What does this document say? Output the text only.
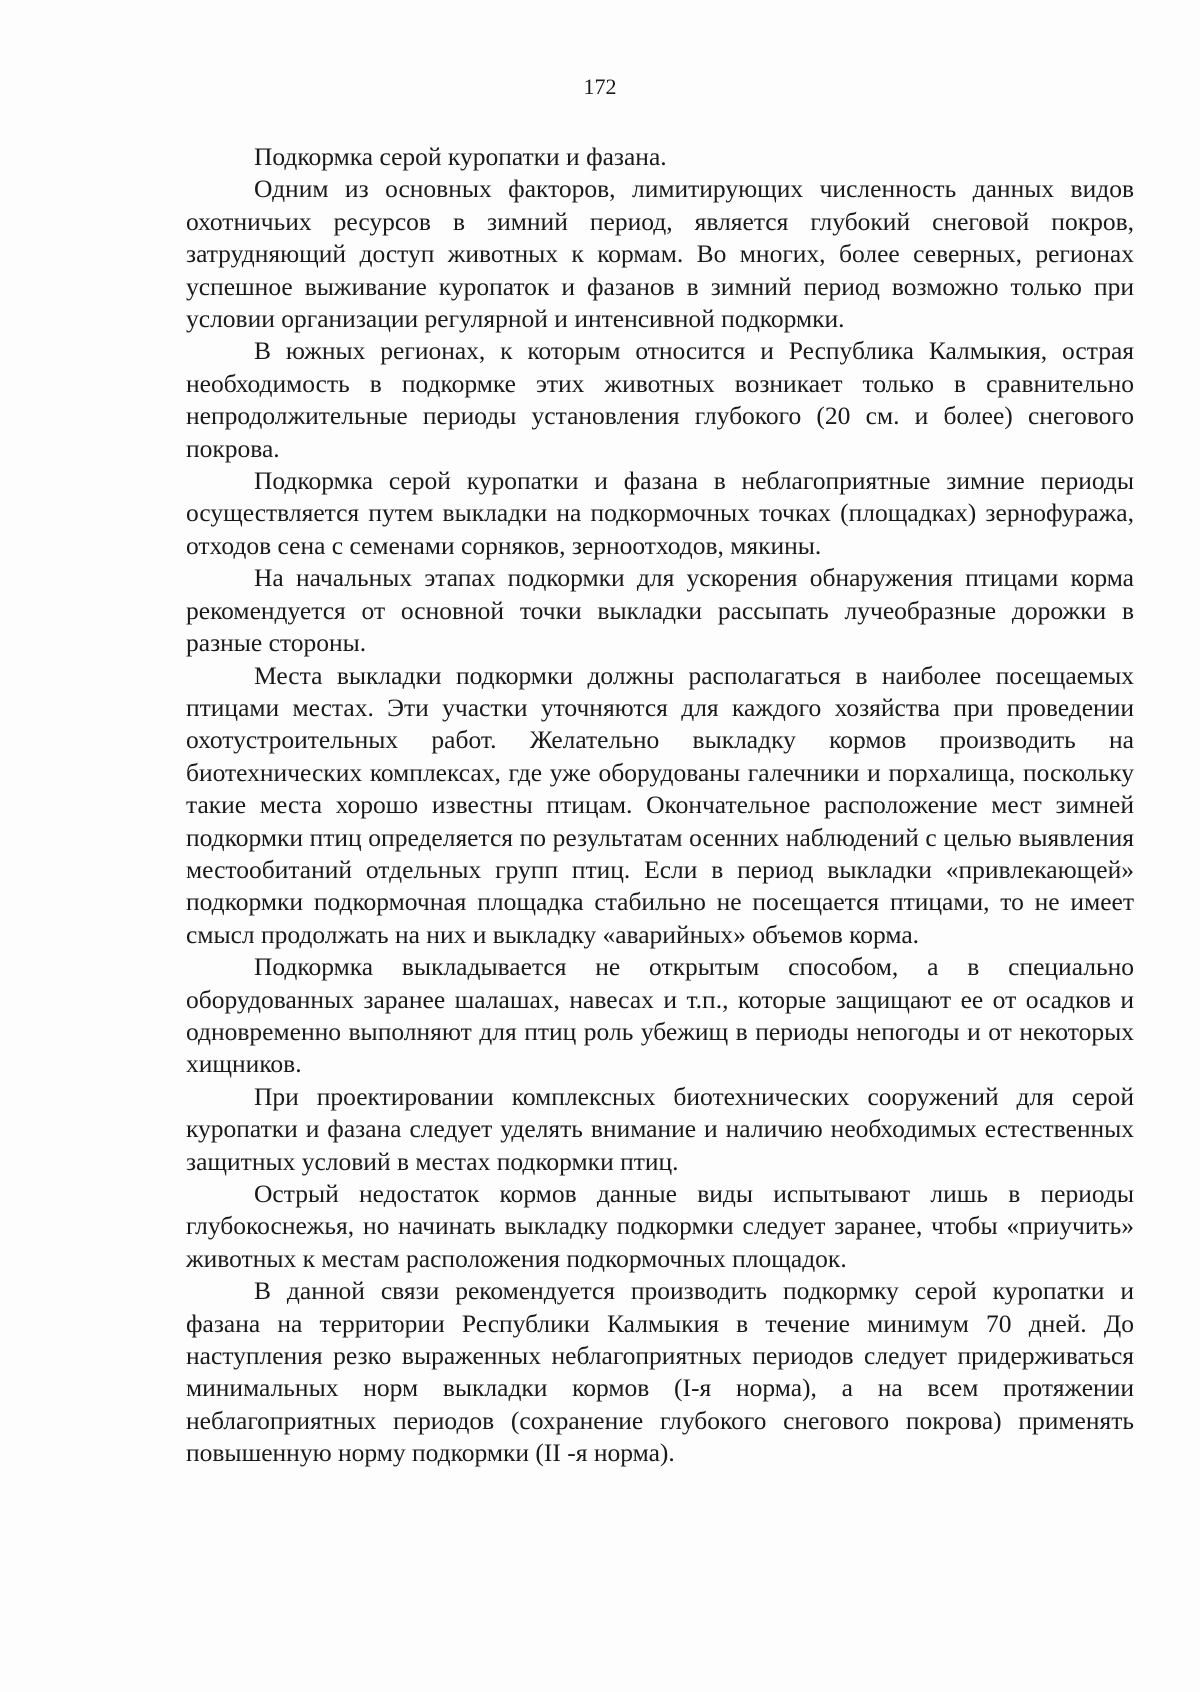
172

Подкормка серой куропатки и фазана.

Одним из основных факторов, лимитирующих численность данных видов охотничьих ресурсов в зимний период, является глубокий снеговой покров, затрудняющий доступ животных к кормам. Во многих, более северных, регионах успешное выживание куропаток и фазанов в зимний период возможно только при условии организации регулярной и интенсивной подкормки.

В южных регионах, к которым относится и Республика Калмыкия, острая необходимость в подкормке этих животных возникает только в сравнительно непродолжительные периоды установления глубокого (20 см. и более) снегового покрова.

Подкормка серой куропатки и фазана в неблагоприятные зимние периоды осуществляется путем выкладки на подкормочных точках (площадках) зернофуража, отходов сена с семенами сорняков, зерноотходов, мякины.

На начальных этапах подкормки для ускорения обнаружения птицами корма рекомендуется от основной точки выкладки рассыпать лучеобразные дорожки в разные стороны.

Места выкладки подкормки должны располагаться в наиболее посещаемых птицами местах. Эти участки уточняются для каждого хозяйства при проведении охотустроительных работ. Желательно выкладку кормов производить на биотехнических комплексах, где уже оборудованы галечники и порхалища, поскольку такие места хорошо известны птицам. Окончательное расположение мест зимней подкормки птиц определяется по результатам осенних наблюдений с целью выявления местообитаний отдельных групп птиц. Если в период выкладки «привлекающей» подкормки подкормочная площадка стабильно не посещается птицами, то не имеет смысл продолжать на них и выкладку «аварийных» объемов корма.

Подкормка выкладывается не открытым способом, а в специально оборудованных заранее шалашах, навесах и т.п., которые защищают ее от осадков и одновременно выполняют для птиц роль убежищ в периоды непогоды и от некоторых хищников.

При проектировании комплексных биотехнических сооружений для серой куропатки и фазана следует уделять внимание и наличию необходимых естественных защитных условий в местах подкормки птиц.

Острый недостаток кормов данные виды испытывают лишь в периоды глубокоснежья, но начинать выкладку подкормки следует заранее, чтобы «приучить» животных к местам расположения подкормочных площадок.

В данной связи рекомендуется производить подкормку серой куропатки и фазана на территории Республики Калмыкия в течение минимум 70 дней. До наступления резко выраженных неблагоприятных периодов следует придерживаться минимальных норм выкладки кормов (I-я норма), а на всем протяжении неблагоприятных периодов (сохранение глубокого снегового покрова) применять повышенную норму подкормки (II -я норма).
